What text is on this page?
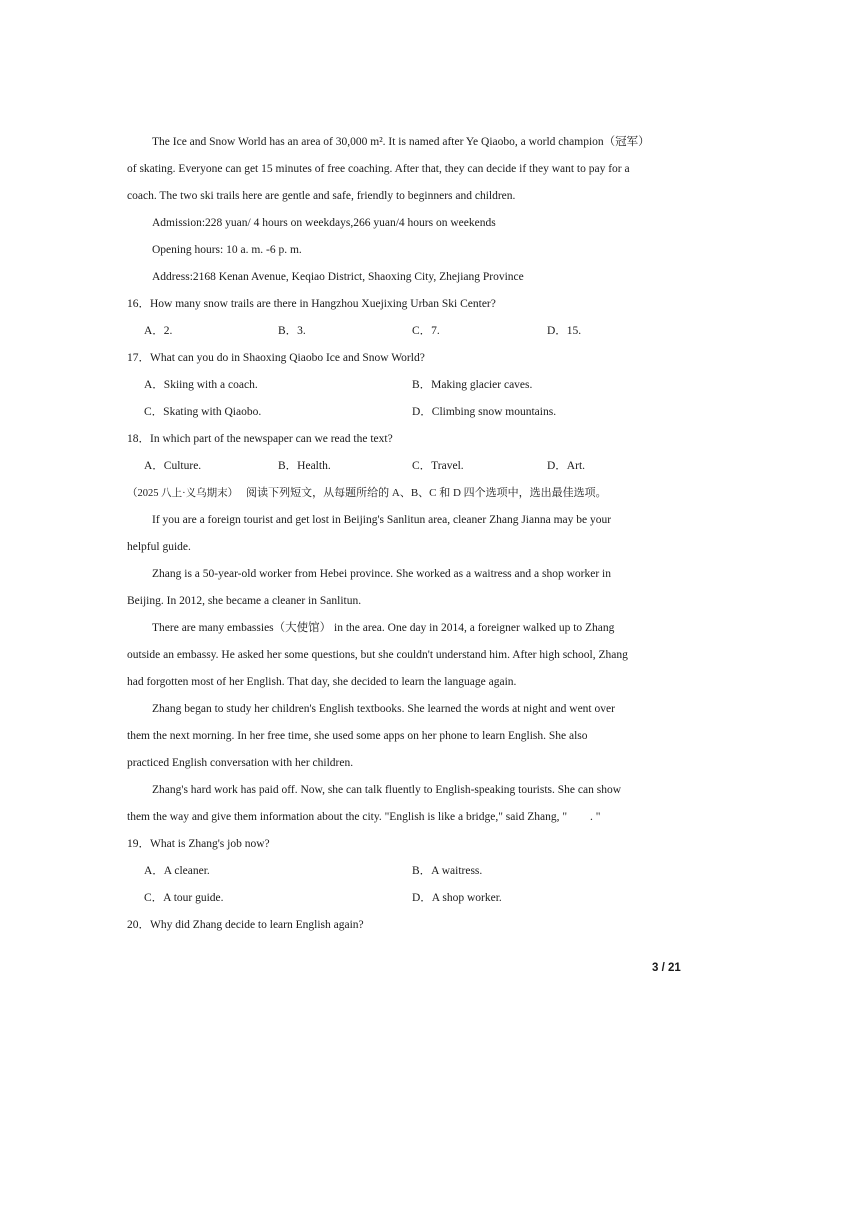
The Ice and Snow World has an area of 30,000 m². It is named after Ye Qiaobo, a world champion（冠军）
of skating. Everyone can get 15 minutes of free coaching. After that, they can decide if they want to pay for a
coach. The two ski trails here are gentle and safe, friendly to beginners and children.
Admission:228 yuan/ 4 hours on weekdays,266 yuan/4 hours on weekends
Opening hours: 10 a. m. -6 p. m.
Address:2168 Kenan Avenue, Keqiao District, Shaoxing City, Zhejiang Province
16．How many snow trails are there in Hangzhou Xuejixing Urban Ski Center?
A．2.	B．3.	C．7.	D．15.
17．What can you do in Shaoxing Qiaobo Ice and Snow World?
A．Skiing with a coach.	B．Making glacier caves.
C．Skating with Qiaobo.	D．Climbing snow mountains.
18．In which part of the newspaper can we read the text?
A．Culture.	B．Health.	C．Travel.	D．Art.
（2025 八上·义乌期末） 阅读下列短文，从每题所给的 A、B、C 和 D 四个选项中，选出最佳选项。
If you are a foreign tourist and get lost in Beijing's Sanlitun area, cleaner Zhang Jianna may be your
helpful guide.
Zhang is a 50-year-old worker from Hebei province. She worked as a waitress and a shop worker in
Beijing. In 2012, she became a cleaner in Sanlitun.
There are many embassies（大使馆） in the area. One day in 2014, a foreigner walked up to Zhang
outside an embassy. He asked her some questions, but she couldn't understand him. After high school, Zhang
had forgotten most of her English. That day, she decided to learn the language again.
Zhang began to study her children's English textbooks. She learned the words at night and went over
them the next morning. In her free time, she used some apps on her phone to learn English. She also
practiced English conversation with her children.
Zhang's hard work has paid off. Now, she can talk fluently to English-speaking tourists. She can show
them the way and give them information about the city. "English is like a bridge," said Zhang, "　　. "
19．What is Zhang's job now?
A．A cleaner.	B．A waitress.
C．A tour guide.	D．A shop worker.
20．Why did Zhang decide to learn English again?
3 / 21
